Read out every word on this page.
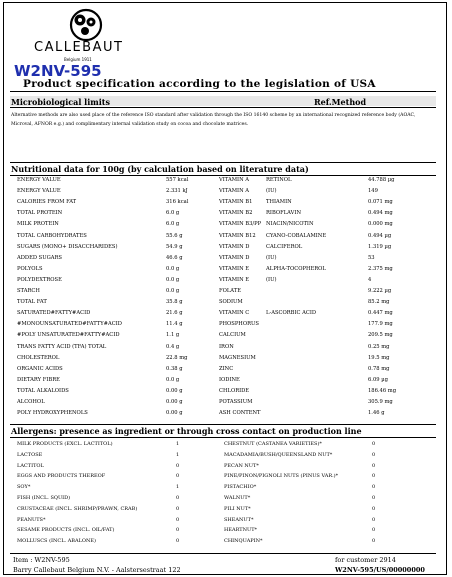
CALLEBAUT
Belgium 1911
W2NV-595
Product specification according to the legislation of USA
Microbiological limits	Ref.Method
Alternative methods are also used place of the reference ISO standard after validation through the ISO 16140 scheme by an international recognized reference body (AOAC, Microval, AFNOR e.g.) and complimentary internal validation study on cocoa and chocolate matrices.
Nutritional data for 100g (by calculation based on literature data)
ENERGY VALUE	557 kcal
ENERGY VALUE	2.331 kJ
CALORIES FROM FAT	316 kcal
TOTAL PROTEIN	6.0 g
MILK PROTEIN	6.0 g
TOTAL CARBOHYDRATES	55.6 g
SUGARS (MONO+ DISACCHARIDES)	54.9 g
ADDED SUGARS	46.6 g
POLYOLS	0.0 g
POLYDEXTROSE	0.0 g
STARCH	0.0 g
TOTAL FAT	35.8 g
SATURATED#FATTY#ACID	21.6 g
#MONOUNSATURATED#FATTY#ACID	11.4 g
#POLY UNSATURATED#FATTY#ACID	1.1 g
TRANS FATTY ACID (TFA) TOTAL	0.4 g
CHOLESTEROL	22.8 mg
ORGANIC ACIDS	0.38 g
DIETARY FIBRE	0.0 g
TOTAL ALKALOIDS	0.00 g
ALCOHOL	0.00 g
POLY HYDROXYPHENOLS	0.00 g
VITAMIN A	RETINOL	44.788 µg
VITAMIN A	(IU)	149
VITAMIN B1	THIAMIN	0.071 mg
VITAMIN B2	RIBOFLAVIN	0.494 mg
VITAMIN B3/PP NIACIN/NICOTIN	0.000 mg
VITAMIN B12 CYANO-COBALAMINE	0.494 µg
VITAMIN D	CALCIFEROL	1.319 µg
VITAMIN D	(IU)	53
VITAMIN E	ALPHA-TOCOPHEROL	2.375 mg
VITAMIN E	(IU)	4
FOLATE	9.222 µg
SODIUM	85.2 mg
VITAMIN C	L-ASCORBIC ACID	0.447 mg
PHOSPHORUS	177.9 mg
CALCIUM	209.5 mg
IRON	0.25 mg
MAGNESIUM	19.5 mg
ZINC	0.78 mg
IODINE	6.09 µg
CHLORIDE	186.46 mg
POTASSIUM	305.9 mg
ASH CONTENT	1.46 g
Allergens: presence as ingredient or through cross contact on production line
MILK PRODUCTS (EXCL. LACTITOL)	1
LACTOSE	1
LACTITOL	0
EGGS AND PRODUCTS THEREOF	0
SOY*	1
FISH (INCL. SQUID)	0
CRUSTACEAE (INCL. SHRIMP/PRAWN, CRAB)	0
PEANUTS*	0
SESAME PRODUCTS (INCL. OIL/FAT)	0
MOLLUSCS (INCL. ABALONE)	0
CHESTNUT (CASTANEA VARIETIES)*	0
MACADAMIA/BUSH/QUEENSLAND NUT*	0
PECAN NUT*	0
PINE/PINON/PIGNOLI NUTS (PINUS VAR.)*	0
PISTACHIO*	0
WALNUT*	0
PILI NUT*	0
SHEANUT*	0
HEARTNUT*	0
CHINQUAPIN*	0
Item : W2NV-595
Barry Callebaut Belgium N.V. - Aalstersestraat 122
for customer 2914
W2NV-595/US/00000000
